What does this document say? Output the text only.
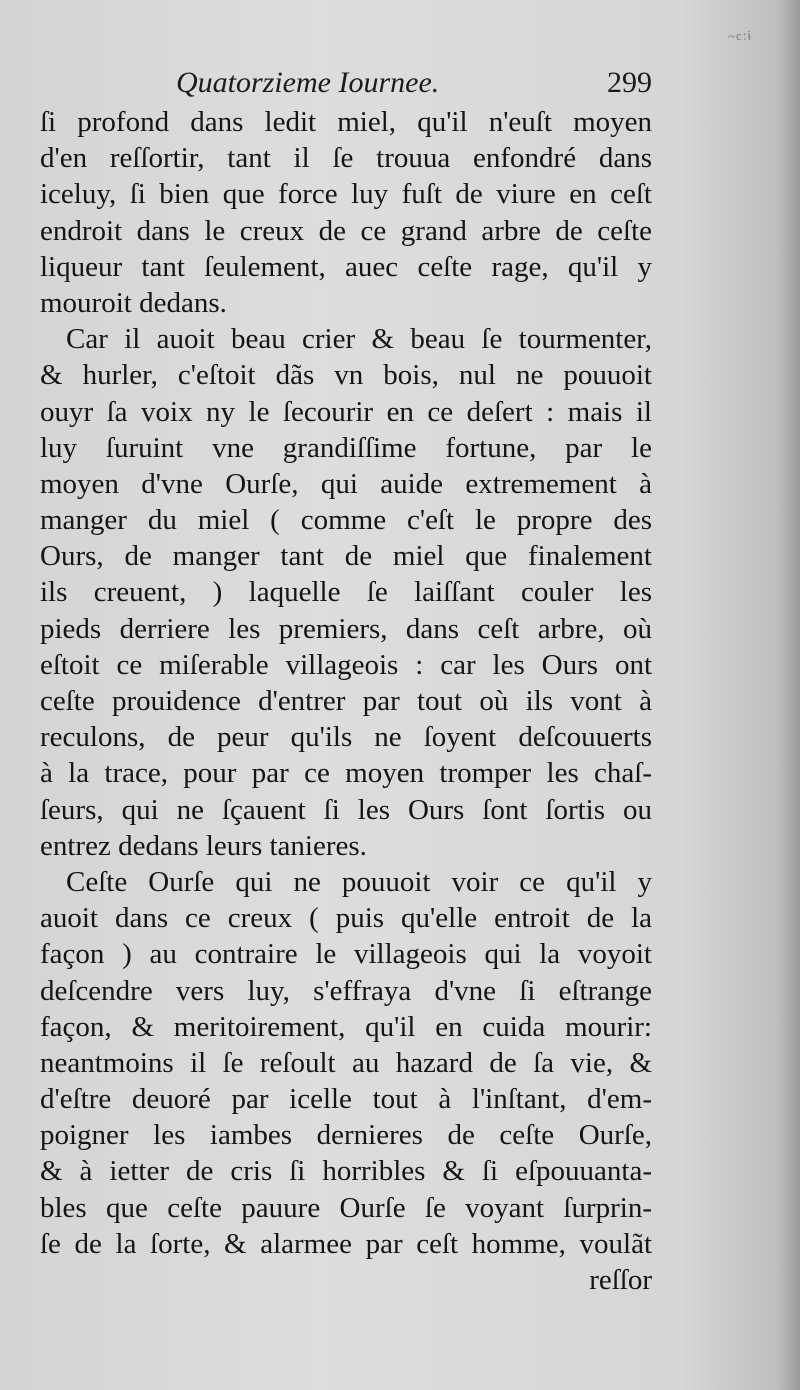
~c:ɨ
Quatorzieme Iournee.	299
ſi profond dans ledit miel, qu'il n'euſt moyen
d'en reſſortir, tant il ſe trouua enfondré dans
iceluy, ſi bien que force luy fuſt de viure en ceſt
endroit dans le creux de ce grand arbre de ceſte
liqueur tant ſeulement, auec ceſte rage, qu'il y
mouroit dedans.
Car il auoit beau crier & beau ſe tourmenter,
& hurler, c'eſtoit dãs vn bois, nul ne pouuoit
ouyr ſa voix ny le ſecourir en ce deſert : mais il
luy ſuruint vne grandiſſime fortune, par le
moyen d'vne Ourſe, qui auide extremement à
manger du miel ( comme c'eſt le propre des
Ours, de manger tant de miel que finalement
ils creuent, ) laquelle ſe laiſſant couler les
pieds derriere les premiers, dans ceſt arbre, où
eſtoit ce miſerable villageois : car les Ours ont
ceſte prouidence d'entrer par tout où ils vont à
reculons, de peur qu'ils ne ſoyent deſcouuerts
à la trace, pour par ce moyen tromper les chaſ-
ſeurs, qui ne ſçauent ſi les Ours ſont ſortis ou
entrez dedans leurs tanieres.
Ceſte Ourſe qui ne pouuoit voir ce qu'il y
auoit dans ce creux ( puis qu'elle entroit de la
façon ) au contraire le villageois qui la voyoit
deſcendre vers luy, s'effraya d'vne ſi eſtrange
façon, & meritoirement, qu'il en cuida mourir:
neantmoins il ſe reſoult au hazard de ſa vie, &
d'eſtre deuoré par icelle tout à l'inſtant, d'em-
poigner les iambes dernieres de ceſte Ourſe,
& à ietter de cris ſi horribles & ſi eſpouuanta-
bles que ceſte pauure Ourſe ſe voyant ſurprin-
ſe de la ſorte, & alarmee par ceſt homme, voulãt
reſſor
